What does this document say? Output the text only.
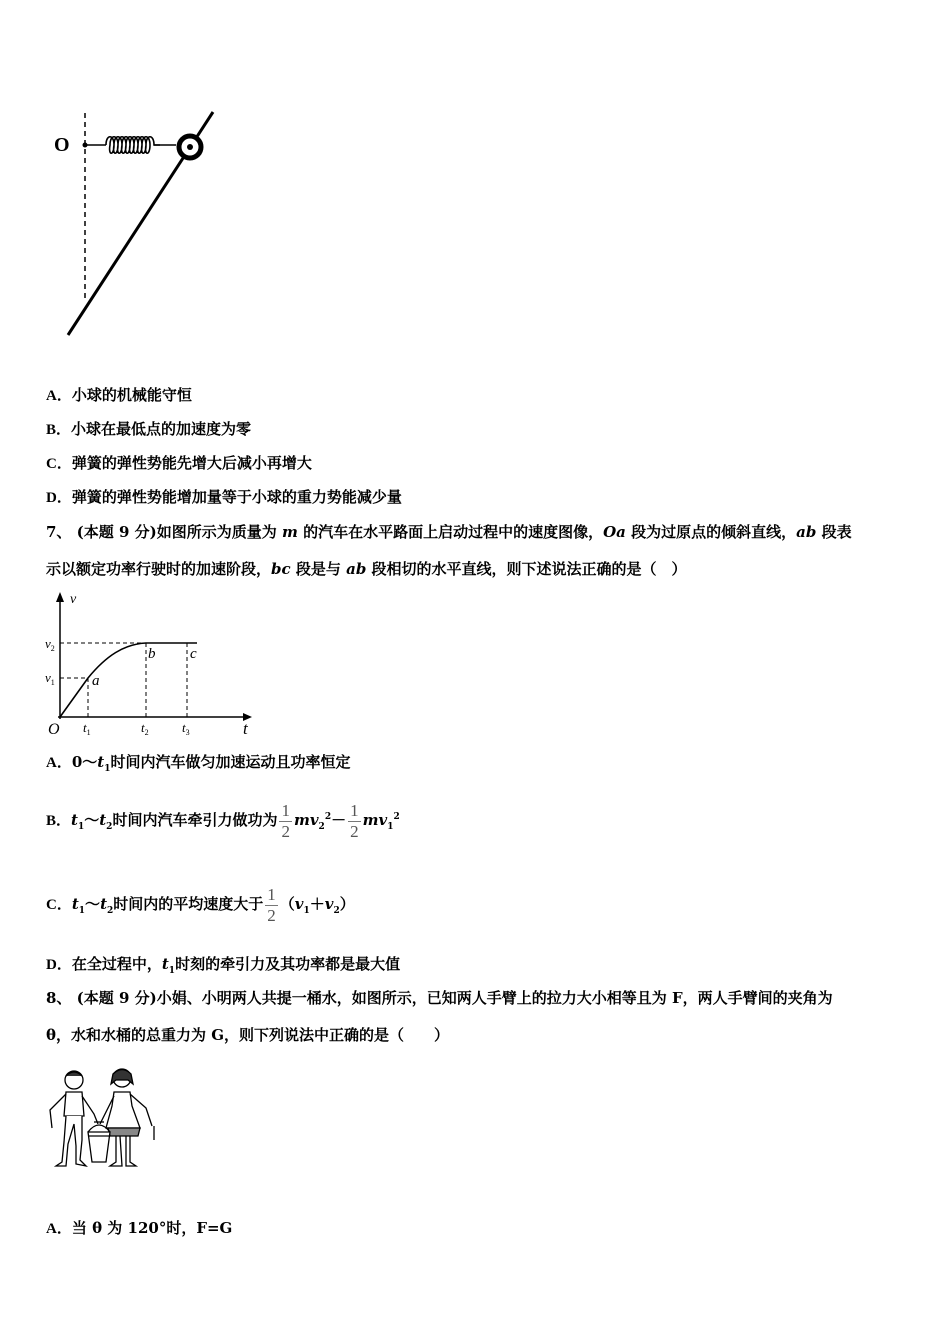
O
A．小球的机械能守恒
B．小球在最低点的加速度为零
C．弹簧的弹性势能先增大后减小再增大
D．弹簧的弹性势能增加量等于小球的重力势能减少量
7、 (本题 9 分)如图所示为质量为 m 的汽车在水平路面上启动过程中的速度图像，Oa 段为过原点的倾斜直线，ab 段表
示以额定功率行驶时的加速阶段，bc 段是与 ab 段相切的水平直线，则下述说法正确的是（　）
v
t
O
$v_2$
$v_1$
$t_1$	$t_2$	$t_3$
a
b c
A．$0\sim t_1$时间内汽车做匀加速运动且功率恒定
B．$t_1\sim t_2$时间内汽车牵引力做功为 $\frac{1}{2} mv_2^2- \frac{1}{2} mv_1^2$
C．$t_1\sim t_2$时间内的平均速度大于 $\frac{1}{2} (v_1+v_2)$
D．在全过程中，$t_1$时刻的牵引力及其功率都是最大值
8、 (本题 9 分)小娟、小明两人共提一桶水，如图所示，已知两人手臂上的拉力大小相等且为 F，两人手臂间的夹角为
θ，水和水桶的总重力为 G，则下列说法中正确的是（　　）
A．当 θ 为 120°时，F=G
